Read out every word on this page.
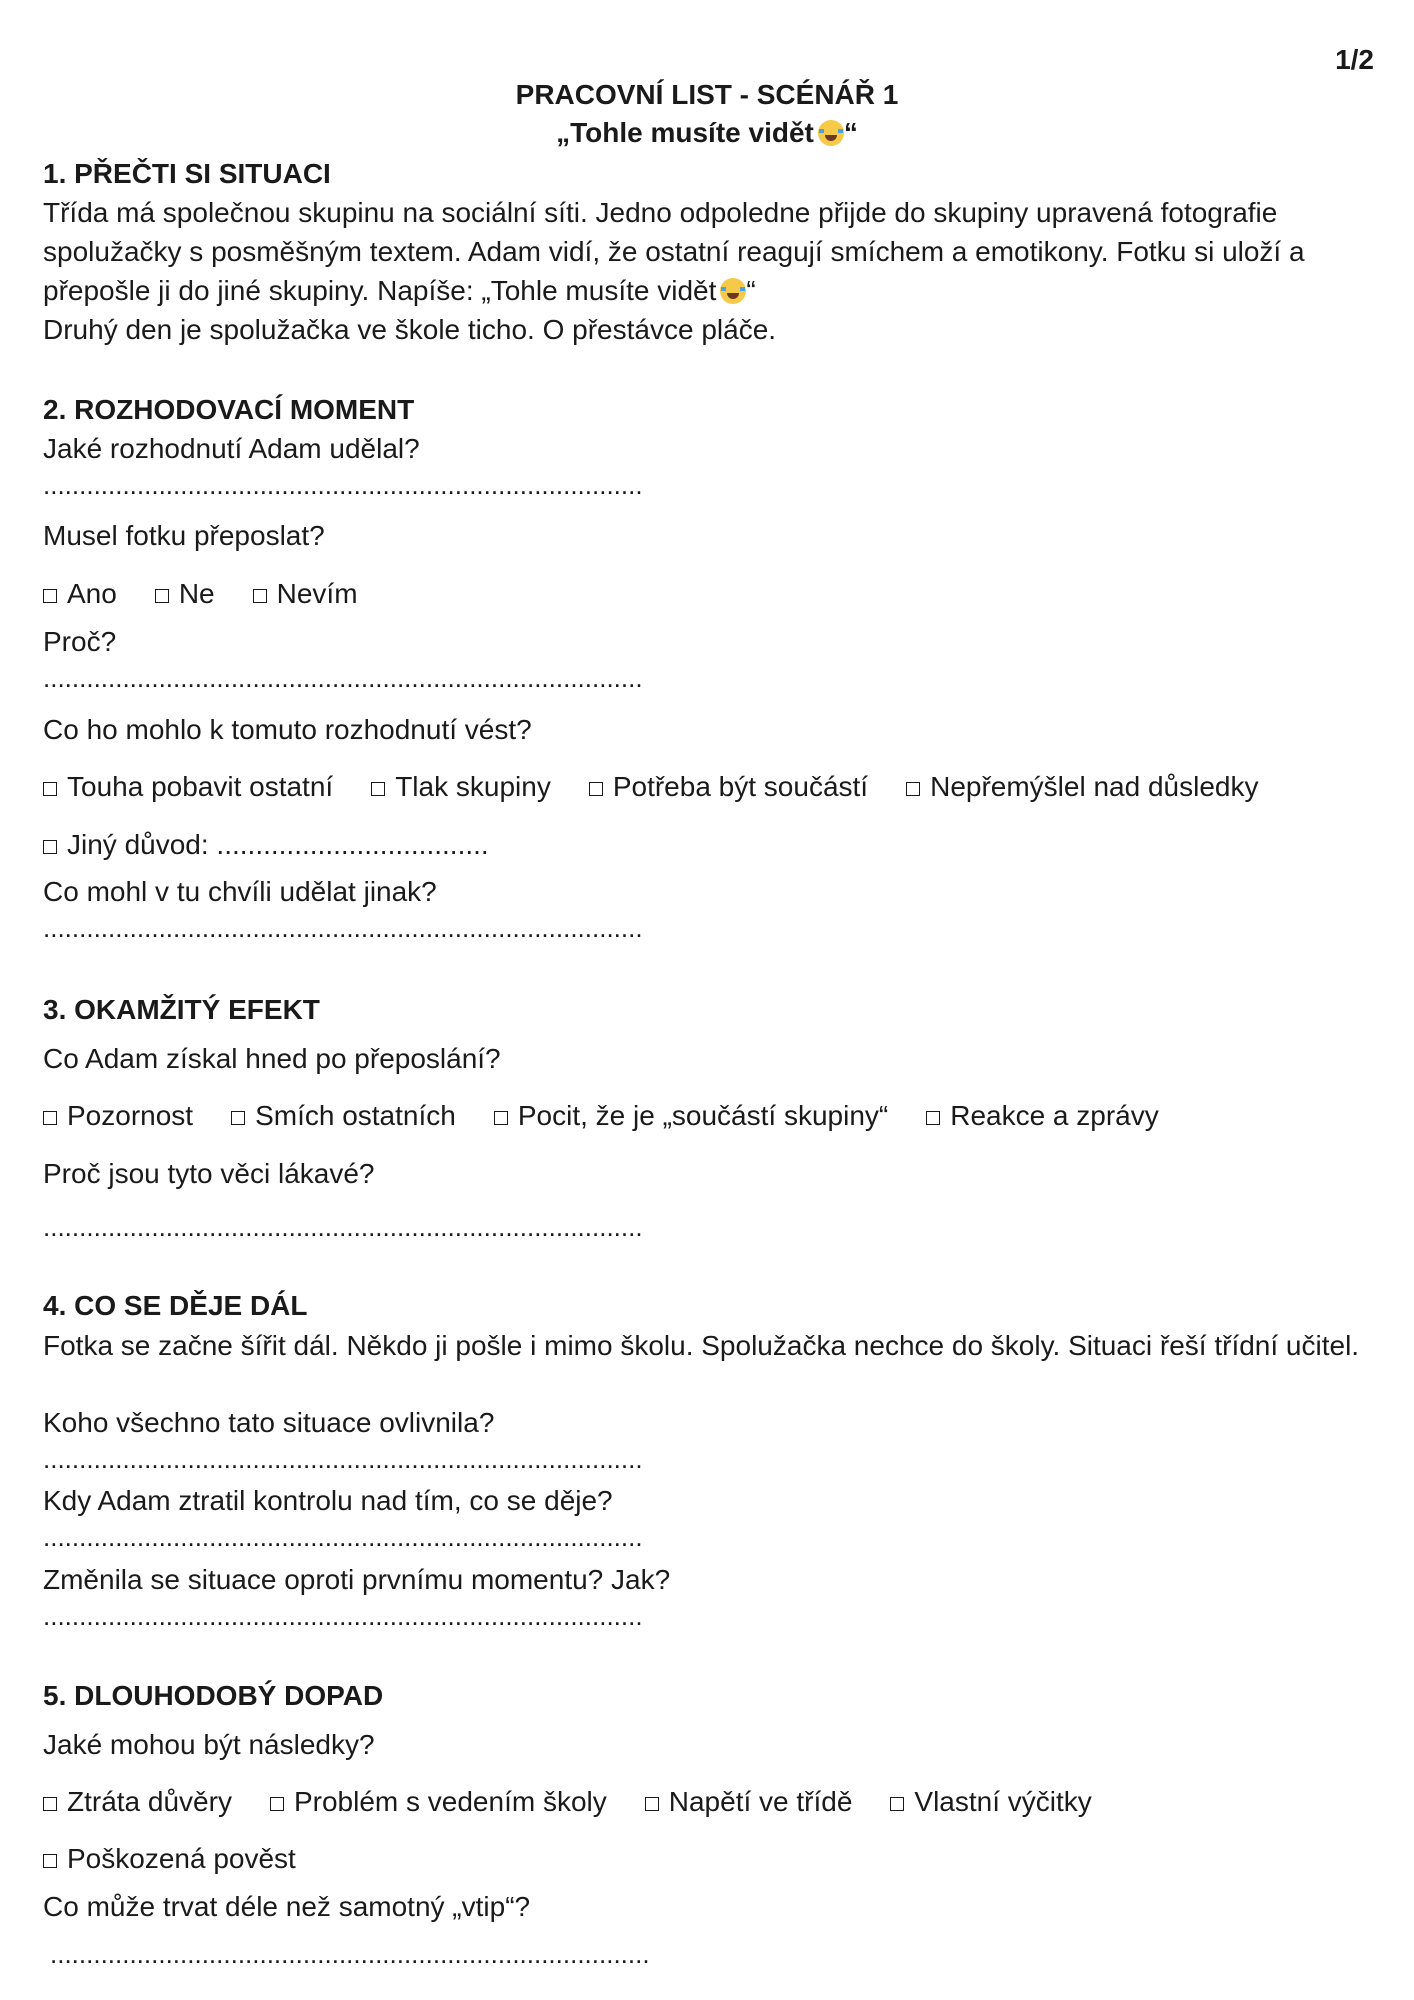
1/2
PRACOVNÍ LIST - SCÉNÁŘ 1
„Tohle musíte vidět “
1. PŘEČTI SI SITUACI
Třída má společnou skupinu na sociální síti. Jedno odpoledne přijde do skupiny upravená fotografie spolužačky s posměšným textem. Adam vidí, že ostatní reagují smíchem a emotikony. Fotku si uloží a přepošle ji do jiné skupiny. Napíše: „Tohle musíte vidět “
Druhý den je spolužačka ve škole ticho. O přestávce pláče.
2. ROZHODOVACÍ MOMENT
Jaké rozhodnutí Adam udělal?
...................................................................................
Musel fotku přeposlat?
Ano Ne Nevím
Proč?
...................................................................................
Co ho mohlo k tomuto rozhodnutí vést?
Touha pobavit ostatní Tlak skupiny Potřeba být součástí Nepřemýšlel nad důsledky
Jiný důvod: ...................................
Co mohl v tu chvíli udělat jinak?
...................................................................................
3. OKAMŽITÝ EFEKT
Co Adam získal hned po přeposlání?
Pozornost Smích ostatních Pocit, že je „součástí skupiny“ Reakce a zprávy
Proč jsou tyto věci lákavé?
...................................................................................
4. CO SE DĚJE DÁL
Fotka se začne šířit dál. Někdo ji pošle i mimo školu. Spolužačka nechce do školy. Situaci řeší třídní učitel.
Koho všechno tato situace ovlivnila?
...................................................................................
Kdy Adam ztratil kontrolu nad tím, co se děje?
...................................................................................
Změnila se situace oproti prvnímu momentu? Jak?
...................................................................................
5. DLOUHODOBÝ DOPAD
Jaké mohou být následky?
Ztráta důvěry Problém s vedením školy Napětí ve třídě Vlastní výčitky
Poškozená pověst
Co může trvat déle než samotný „vtip“?
...................................................................................
